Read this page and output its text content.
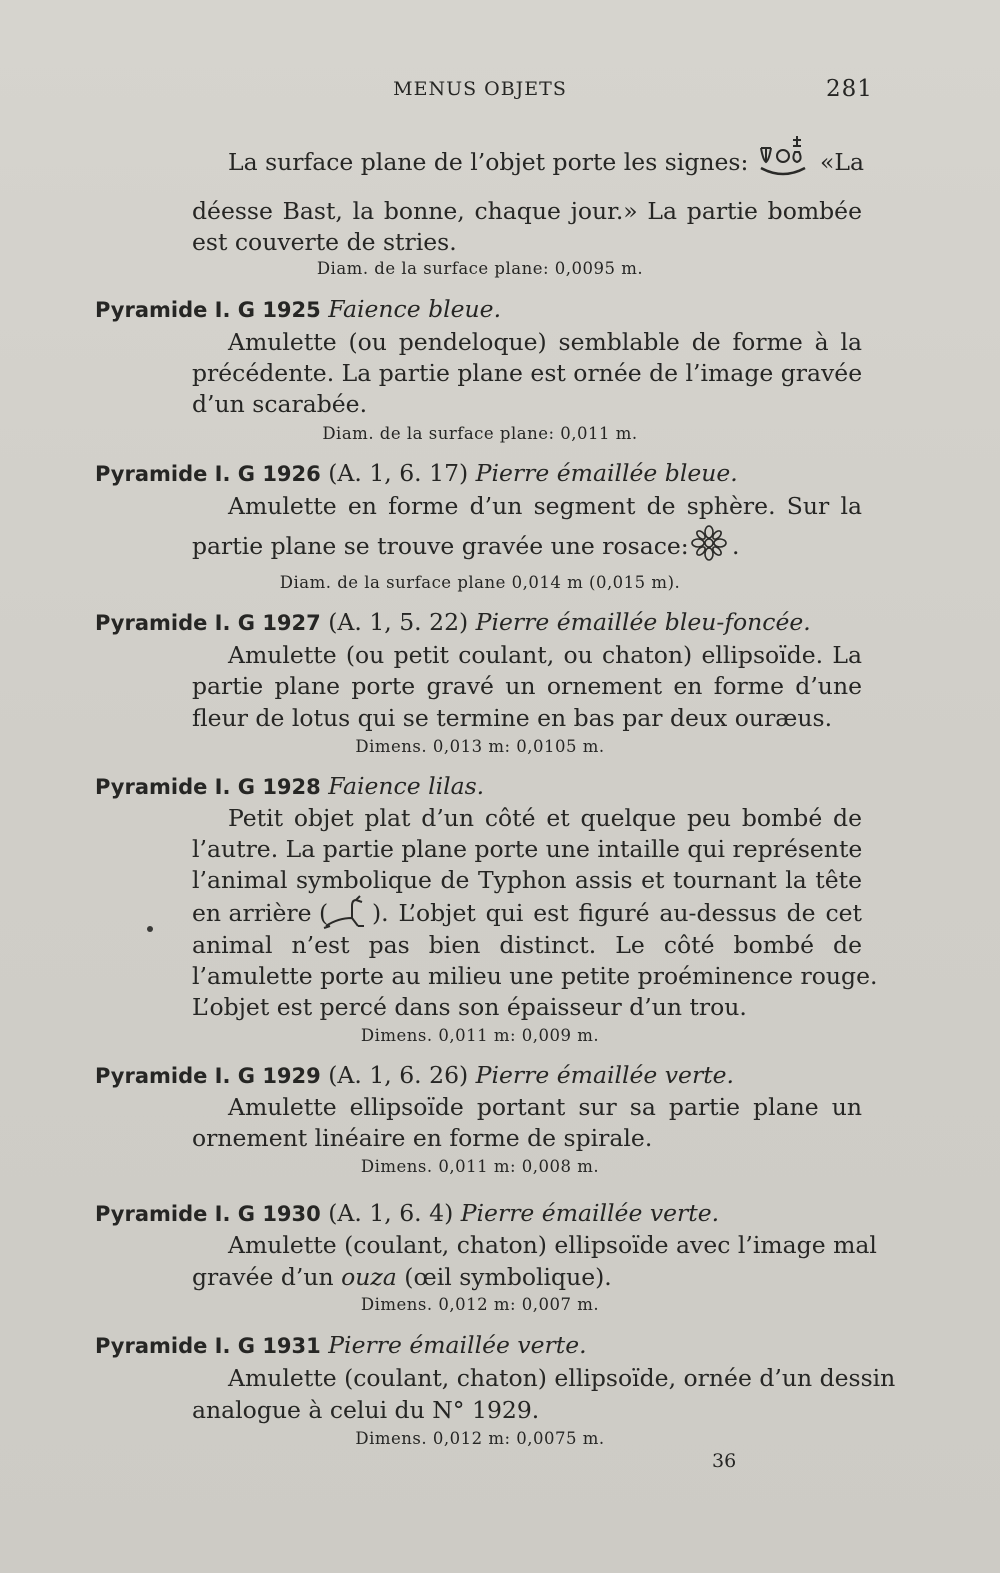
MENUS OBJETS	281
La surface plane de l’objet porte les signes:	«La
déesse Bast, la bonne, chaque jour.» La partie bombée
est couverte de stries.
Diam. de la surface plane: 0,0095 m.
Pyramide I. G 1925 Faience bleue.
Amulette (ou pendeloque) semblable de forme à la
précédente. La partie plane est ornée de l’image gravée
d’un scarabée.
Diam. de la surface plane: 0,011 m.
Pyramide I. G 1926 (A. 1, 6. 17) Pierre émaillée bleue.
Amulette en forme d’un segment de sphère. Sur la
partie plane se trouve gravée une rosace:	.
Diam. de la surface plane 0,014 m (0,015 m).
Pyramide I. G 1927 (A. 1, 5. 22) Pierre émaillée bleu-foncée.
Amulette (ou petit coulant, ou chaton) ellipsoïde. La
partie plane porte gravé un ornement en forme d’une
fleur de lotus qui se termine en bas par deux ouræus.
Dimens. 0,013 m: 0,0105 m.
Pyramide I. G 1928 Faience lilas.
Petit objet plat d’un côté et quelque peu bombé de
l’autre. La partie plane porte une intaille qui représente
l’animal symbolique de Typhon assis et tournant la tête
en arrière ( ). L’objet qui est figuré au-dessus de cet
animal n’est pas bien distinct. Le côté bombé de
l’amulette porte au milieu une petite proéminence rouge.
L’objet est percé dans son épaisseur d’un trou.
Dimens. 0,011 m: 0,009 m.
Pyramide I. G 1929 (A. 1, 6. 26) Pierre émaillée verte.
Amulette ellipsoïde portant sur sa partie plane un
ornement linéaire en forme de spirale.
Dimens. 0,011 m: 0,008 m.
Pyramide I. G 1930 (A. 1, 6. 4) Pierre émaillée verte.
Amulette (coulant, chaton) ellipsoïde avec l’image mal
gravée d’un ouza (œil symbolique).
Dimens. 0,012 m: 0,007 m.
Pyramide I. G 1931 Pierre émaillée verte.
Amulette (coulant, chaton) ellipsoïde, ornée d’un dessin
analogue à celui du N° 1929.
Dimens. 0,012 m: 0,0075 m.
36
